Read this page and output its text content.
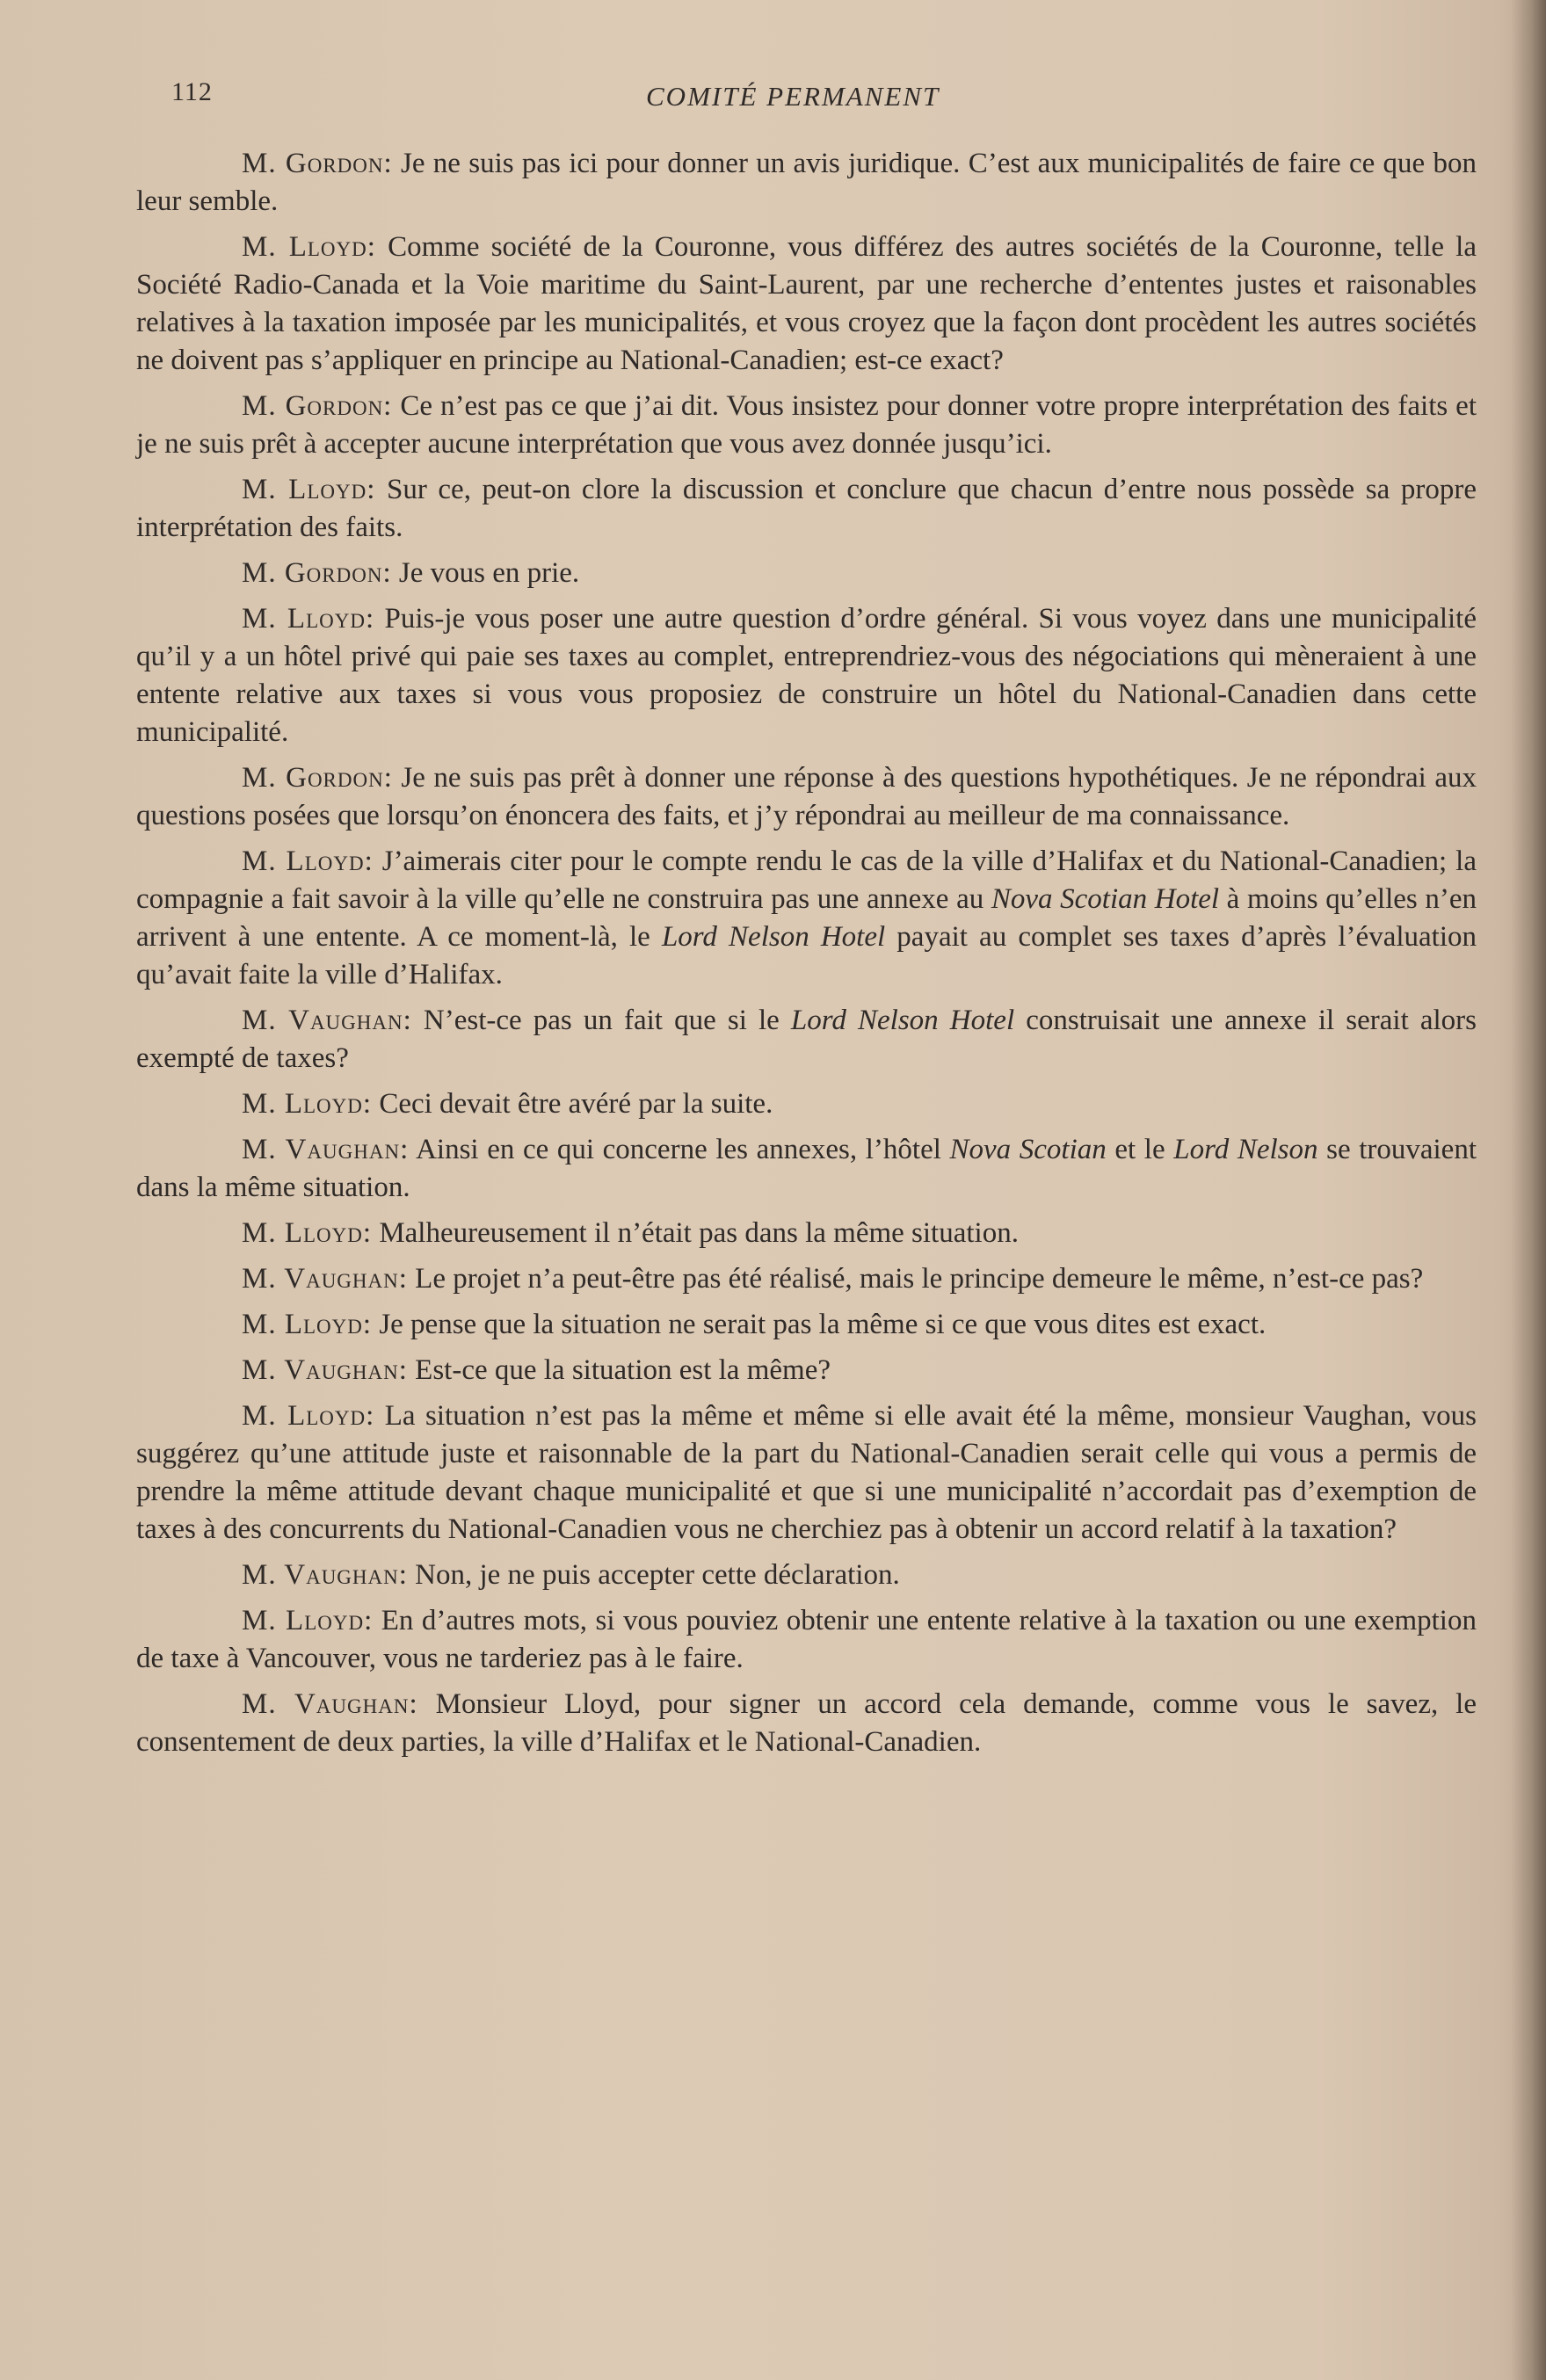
112	COMITÉ PERMANENT

M. Gordon: Je ne suis pas ici pour donner un avis juridique. C’est aux municipalités de faire ce que bon leur semble.

M. Lloyd: Comme société de la Couronne, vous différez des autres sociétés de la Couronne, telle la Société Radio-Canada et la Voie maritime du Saint-Laurent, par une recherche d’ententes justes et raisonables relatives à la taxation imposée par les municipalités, et vous croyez que la façon dont procèdent les autres sociétés ne doivent pas s’appliquer en principe au National-Canadien; est-ce exact?

M. Gordon: Ce n’est pas ce que j’ai dit. Vous insistez pour donner votre propre interprétation des faits et je ne suis prêt à accepter aucune interprétation que vous avez donnée jusqu’ici.

M. Lloyd: Sur ce, peut-on clore la discussion et conclure que chacun d’entre nous possède sa propre interprétation des faits.

M. Gordon: Je vous en prie.

M. Lloyd: Puis-je vous poser une autre question d’ordre général. Si vous voyez dans une municipalité qu’il y a un hôtel privé qui paie ses taxes au complet, entreprendriez-vous des négociations qui mèneraient à une entente relative aux taxes si vous vous proposiez de construire un hôtel du National-Canadien dans cette municipalité.

M. Gordon: Je ne suis pas prêt à donner une réponse à des questions hypothétiques. Je ne répondrai aux questions posées que lorsqu’on énoncera des faits, et j’y répondrai au meilleur de ma connaissance.

M. Lloyd: J’aimerais citer pour le compte rendu le cas de la ville d’Halifax et du National-Canadien; la compagnie a fait savoir à la ville qu’elle ne construira pas une annexe au Nova Scotian Hotel à moins qu’elles n’en arrivent à une entente. A ce moment-là, le Lord Nelson Hotel payait au complet ses taxes d’après l’évaluation qu’avait faite la ville d’Halifax.

M. Vaughan: N’est-ce pas un fait que si le Lord Nelson Hotel construisait une annexe il serait alors exempté de taxes?

M. Lloyd: Ceci devait être avéré par la suite.

M. Vaughan: Ainsi en ce qui concerne les annexes, l’hôtel Nova Scotian et le Lord Nelson se trouvaient dans la même situation.

M. Lloyd: Malheureusement il n’était pas dans la même situation.

M. Vaughan: Le projet n’a peut-être pas été réalisé, mais le principe demeure le même, n’est-ce pas?

M. Lloyd: Je pense que la situation ne serait pas la même si ce que vous dites est exact.

M. Vaughan: Est-ce que la situation est la même?

M. Lloyd: La situation n’est pas la même et même si elle avait été la même, monsieur Vaughan, vous suggérez qu’une attitude juste et raisonnable de la part du National-Canadien serait celle qui vous a permis de prendre la même attitude devant chaque municipalité et que si une municipalité n’accordait pas d’exemption de taxes à des concurrents du National-Canadien vous ne cherchiez pas à obtenir un accord relatif à la taxation?

M. Vaughan: Non, je ne puis accepter cette déclaration.

M. Lloyd: En d’autres mots, si vous pouviez obtenir une entente relative à la taxation ou une exemption de taxe à Vancouver, vous ne tarderiez pas à le faire.

M. Vaughan: Monsieur Lloyd, pour signer un accord cela demande, comme vous le savez, le consentement de deux parties, la ville d’Halifax et le National-Canadien.
